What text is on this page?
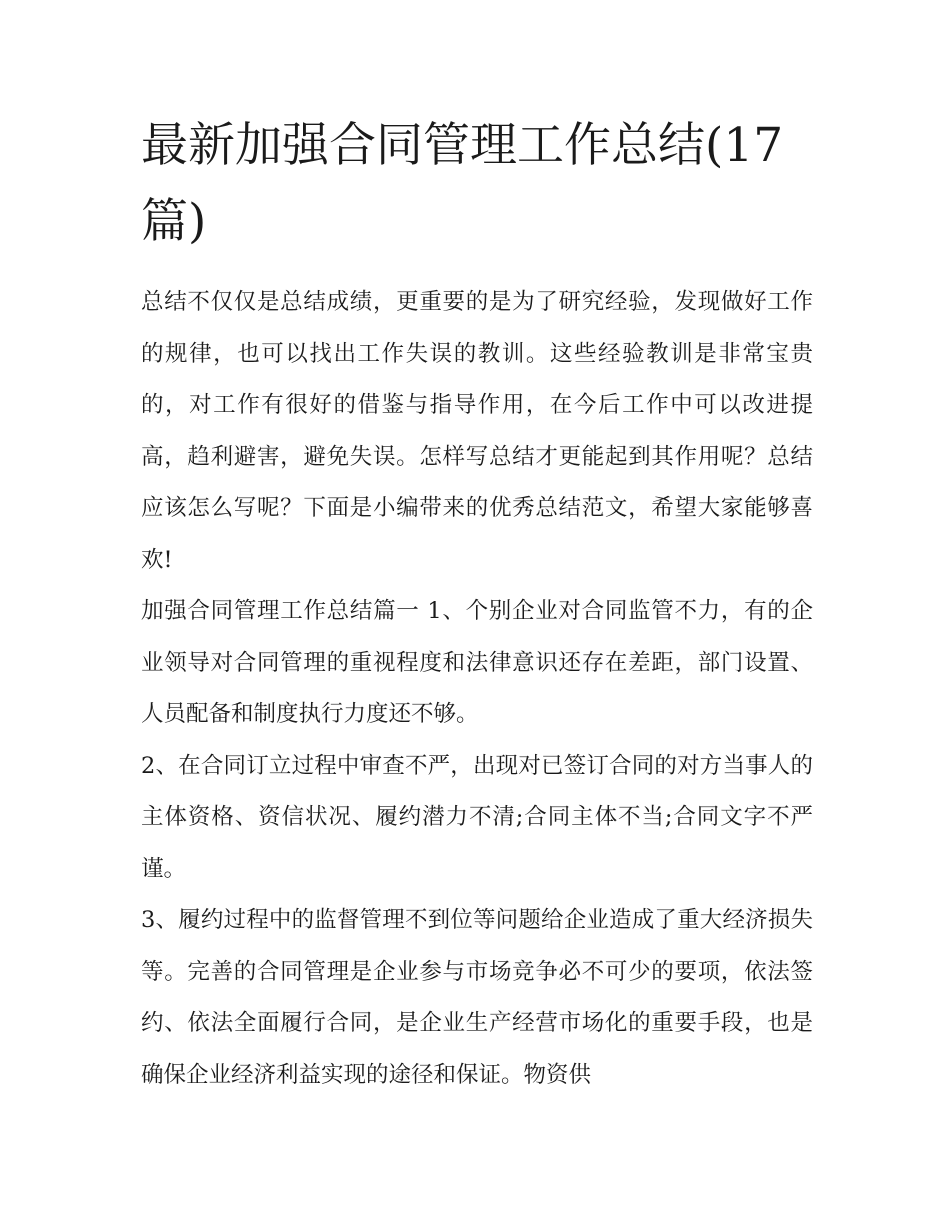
最新加强合同管理工作总结(17篇)

总结不仅仅是总结成绩，更重要的是为了研究经验，发现做好工作的规律，也可以找出工作失误的教训。这些经验教训是非常宝贵的，对工作有很好的借鉴与指导作用，在今后工作中可以改进提高，趋利避害，避免失误。怎样写总结才更能起到其作用呢？总结应该怎么写呢？下面是小编带来的优秀总结范文，希望大家能够喜欢!

加强合同管理工作总结篇一 1、个别企业对合同监管不力，有的企业领导对合同管理的重视程度和法律意识还存在差距，部门设置、人员配备和制度执行力度还不够。

2、在合同订立过程中审查不严，出现对已签订合同的对方当事人的主体资格、资信状况、履约潜力不清;合同主体不当;合同文字不严谨。

3、履约过程中的监督管理不到位等问题给企业造成了重大经济损失等。完善的合同管理是企业参与市场竞争必不可少的要项，依法签约、依法全面履行合同，是企业生产经营市场化的重要手段，也是确保企业经济利益实现的途径和保证。物资供
